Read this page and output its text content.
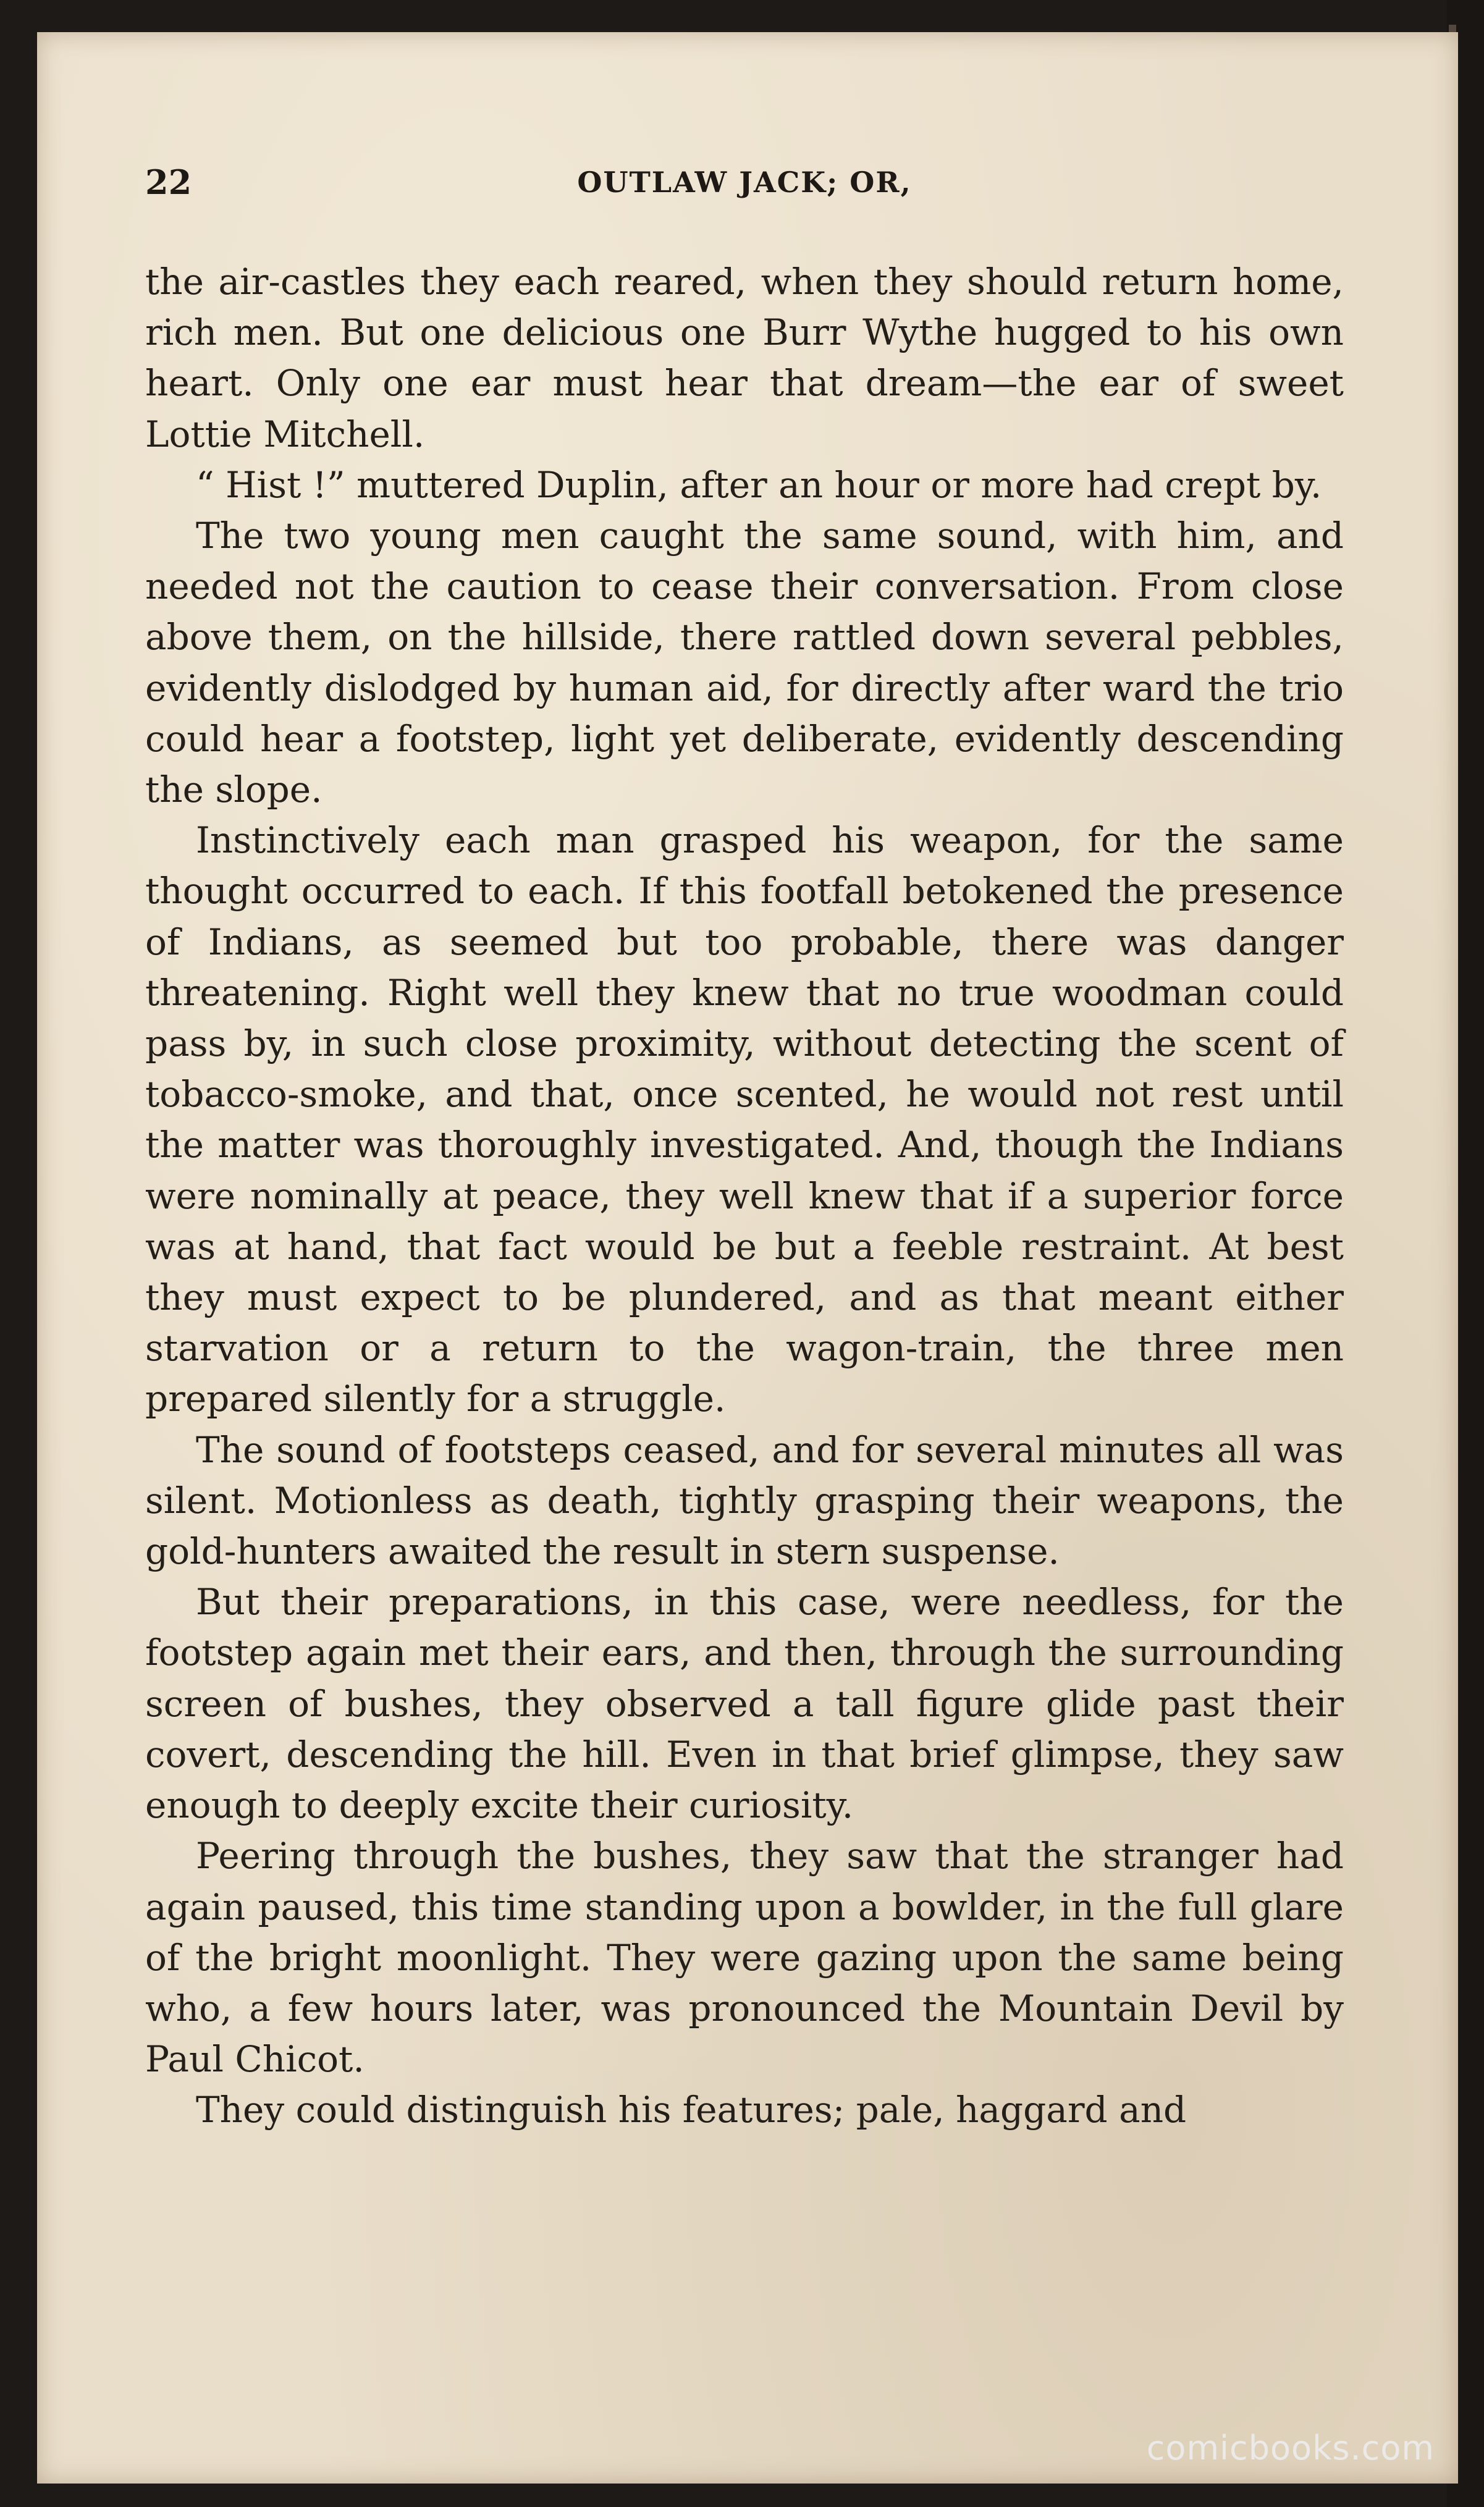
22	OUTLAW JACK; OR,

the air-castles they each reared, when they should return home, rich men. But one delicious one Burr Wythe hugged to his own heart. Only one ear must hear that dream—the ear of sweet Lottie Mitchell.

“ Hist !” muttered Duplin, after an hour or more had crept by.

The two young men caught the same sound, with him, and needed not the caution to cease their conversation. From close above them, on the hillside, there rattled down several pebbles, evidently dislodged by human aid, for directly after ward the trio could hear a footstep, light yet deliberate, evidently descending the slope.

Instinctively each man grasped his weapon, for the same thought occurred to each. If this footfall betokened the presence of Indians, as seemed but too probable, there was danger threatening. Right well they knew that no true woodman could pass by, in such close proximity, without detecting the scent of tobacco-smoke, and that, once scented, he would not rest until the matter was thoroughly investigated. And, though the Indians were nominally at peace, they well knew that if a superior force was at hand, that fact would be but a feeble restraint. At best they must expect to be plundered, and as that meant either starvation or a return to the wagon-train, the three men prepared silently for a struggle.

The sound of footsteps ceased, and for several minutes all was silent. Motionless as death, tightly grasping their weapons, the gold-hunters awaited the result in stern suspense.

But their preparations, in this case, were needless, for the footstep again met their ears, and then, through the surrounding screen of bushes, they observed a tall figure glide past their covert, descending the hill. Even in that brief glimpse, they saw enough to deeply excite their curiosity.

Peering through the bushes, they saw that the stranger had again paused, this time standing upon a bowlder, in the full glare of the bright moonlight. They were gazing upon the same being who, a few hours later, was pronounced the Mountain Devil by Paul Chicot.

They could distinguish his features; pale, haggard and

comicbooks.com
